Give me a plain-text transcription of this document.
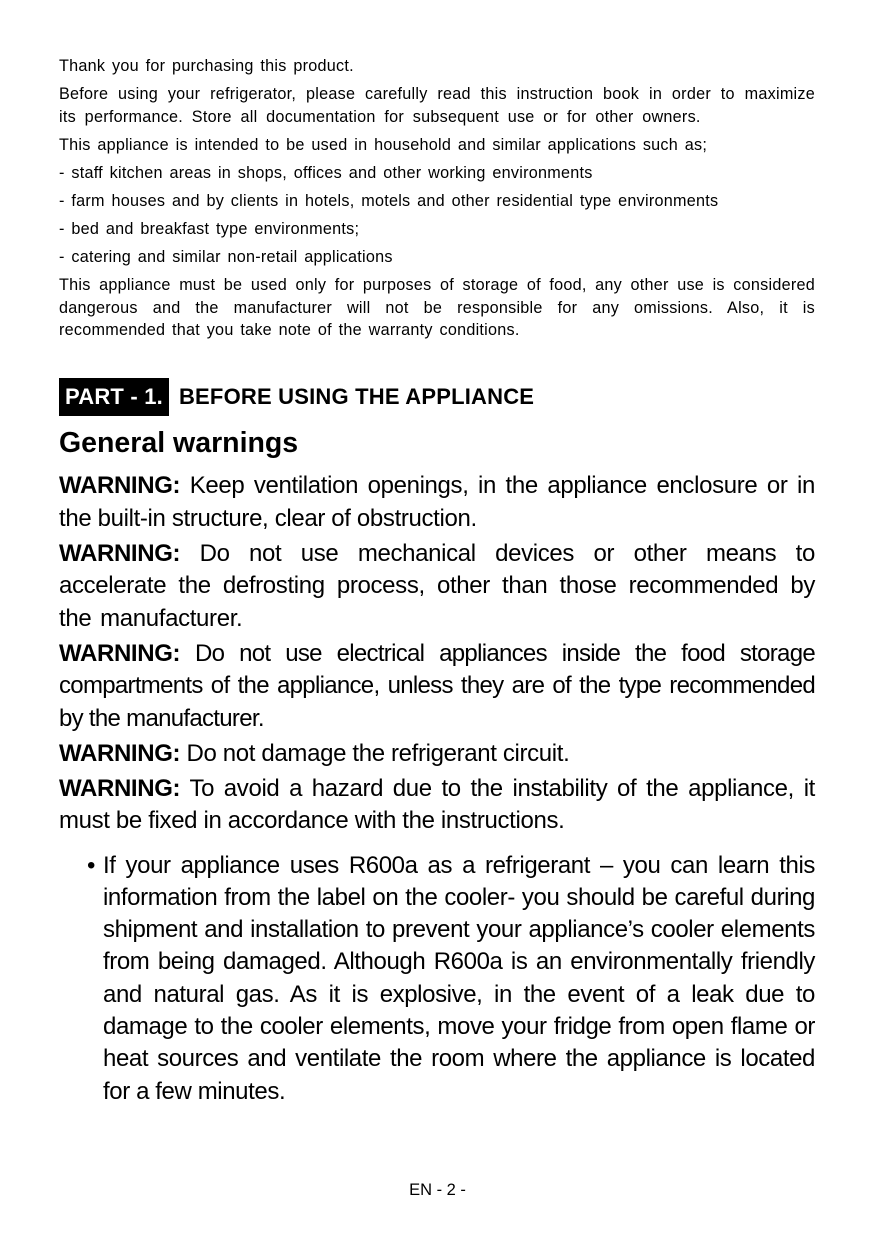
Thank you for purchasing this product.

Before using your refrigerator, please carefully read this instruction book in order to maximize its performance. Store all documentation for subsequent use or for other owners.

This appliance is intended to be used in household and similar applications such as;

- staff kitchen areas in shops, offices and other working environments

- farm houses and by clients in hotels, motels and other residential type environments

- bed and breakfast type environments;

- catering and similar non-retail applications

This appliance must be used only for purposes of storage of food, any other use is considered dangerous and the manufacturer will not be responsible for any omissions. Also, it is recommended that you take note of the warranty conditions.

PART - 1. BEFORE USING THE APPLIANCE
General warnings

WARNING: Keep ventilation openings, in the appliance enclosure or in the built-in structure, clear of obstruction.

WARNING: Do not use mechanical devices or other means to accelerate the defrosting process, other than those recommended by the manufacturer.

WARNING: Do not use electrical appliances inside the food storage compartments of the appliance, unless they are of the type recommended by the manufacturer.

WARNING: Do not damage the refrigerant circuit.

WARNING: To avoid a hazard due to the instability of the appliance, it must be fixed in accordance with the instructions.

• If your appliance uses R600a as a refrigerant – you can learn this information from the label on the cooler- you should be careful during shipment and installation to prevent your appliance’s cooler elements from being damaged. Although R600a is an environmentally friendly and natural gas. As it is explosive, in the event of a leak due to damage to the cooler elements, move your fridge from open flame or heat sources and ventilate the room where the appliance is located for a few minutes.
EN - 2 -
